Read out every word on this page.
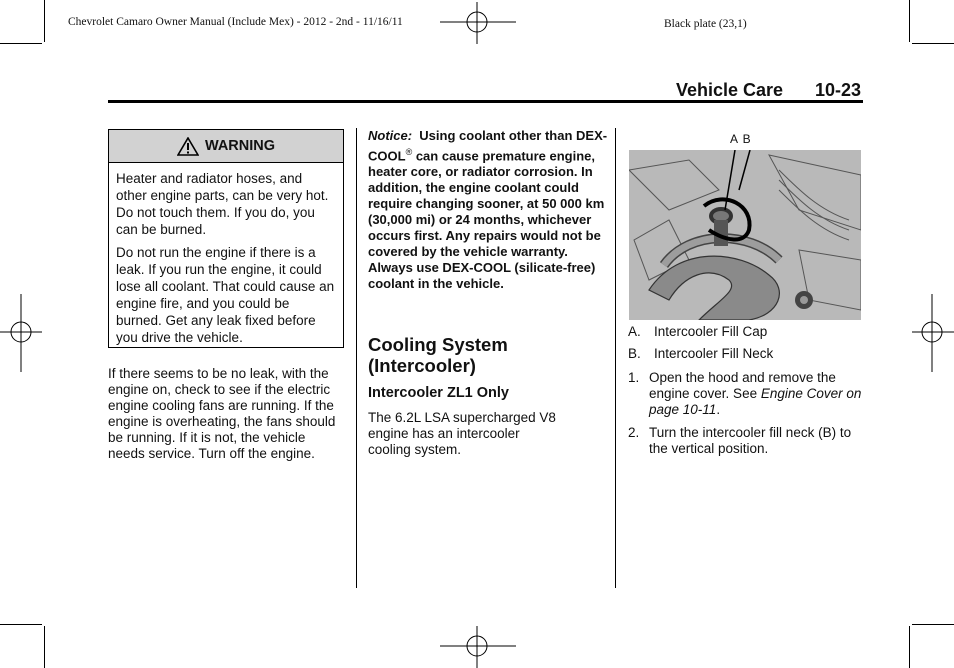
Chevrolet Camaro Owner Manual (Include Mex) - 2012 - 2nd - 11/16/11	Black plate (23,1)
Vehicle Care 10-23
WARNING

Heater and radiator hoses, and other engine parts, can be very hot. Do not touch them. If you do, you can be burned.

Do not run the engine if there is a leak. If you run the engine, it could lose all coolant. That could cause an engine fire, and you could be burned. Get any leak fixed before you drive the vehicle.

If there seems to be no leak, with the engine on, check to see if the electric engine cooling fans are running. If the engine is overheating, the fans should be running. If it is not, the vehicle needs service. Turn off the engine.
Notice: Using coolant other than DEX-COOL® can cause premature engine, heater core, or radiator corrosion. In addition, the engine coolant could require changing sooner, at 50 000 km (30,000 mi) or 24 months, whichever occurs first. Any repairs would not be covered by the vehicle warranty. Always use DEX-COOL (silicate-free) coolant in the vehicle.
Cooling System (Intercooler)
Intercooler ZL1 Only
The 6.2L LSA supercharged V8 engine has an intercooler cooling system.
A B
A. Intercooler Fill Cap
B. Intercooler Fill Neck
1. Open the hood and remove the engine cover. See Engine Cover on page 10-11.
2. Turn the intercooler fill neck (B) to the vertical position.
